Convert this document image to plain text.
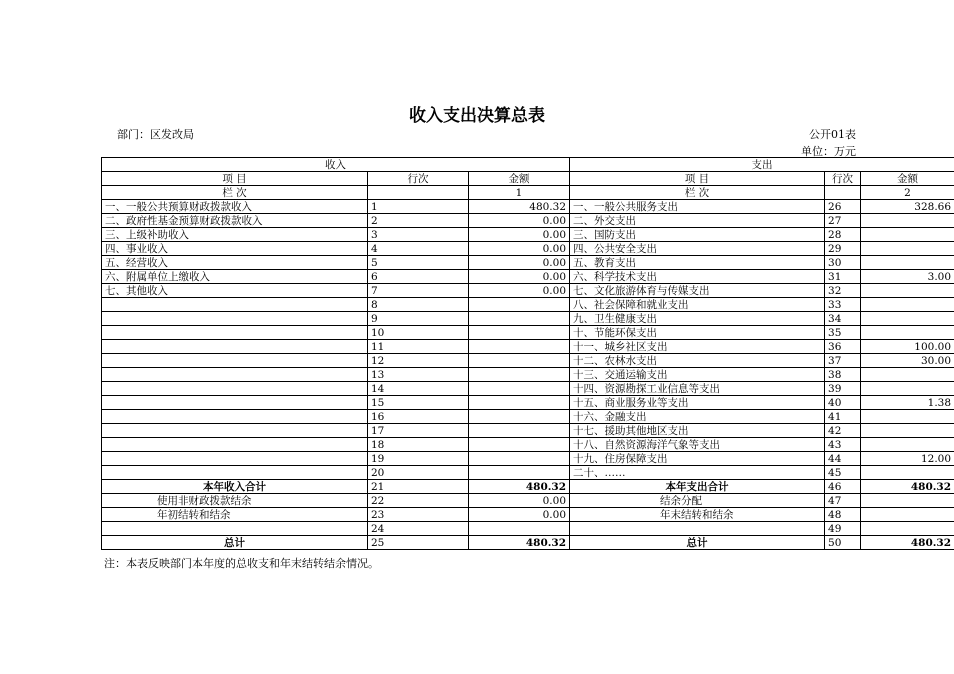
收入支出决算总表
部门：区发改局	公开01表
单位：万元
收入			支出		
项 目	行次	金额	项 目	行次	金额
栏 次		1	栏 次		2
一、一般公共预算财政拨款收入	1	480.32	一、一般公共服务支出	26	328.66
二、政府性基金预算财政拨款收入	2	0.00	二、外交支出	27	
三、上级补助收入	3	0.00	三、国防支出	28	
四、事业收入	4	0.00	四、公共安全支出	29	
五、经营收入	5	0.00	五、教育支出	30	
六、附属单位上缴收入	6	0.00	六、科学技术支出	31	3.00
七、其他收入	7	0.00	七、文化旅游体育与传媒支出	32	
	8		八、社会保障和就业支出	33	
	9		九、卫生健康支出	34	
	10		十、节能环保支出	35	
	11		十一、城乡社区支出	36	100.00
	12		十二、农林水支出	37	30.00
	13		十三、交通运输支出	38	
	14		十四、资源勘探工业信息等支出	39	
	15		十五、商业服务业等支出	40	1.38
	16		十六、金融支出	41	
	17		十七、援助其他地区支出	42	
	18		十八、自然资源海洋气象等支出	43	
	19		十九、住房保障支出	44	12.00
	20		二十、……	45	
本年收入合计	21	480.32	本年支出合计	46	480.32
使用非财政拨款结余	22	0.00	结余分配	47	
年初结转和结余	23	0.00	年末结转和结余	48	
	24			49	
总计	25	480.32	总计	50	480.32
注：本表反映部门本年度的总收支和年末结转结余情况。
